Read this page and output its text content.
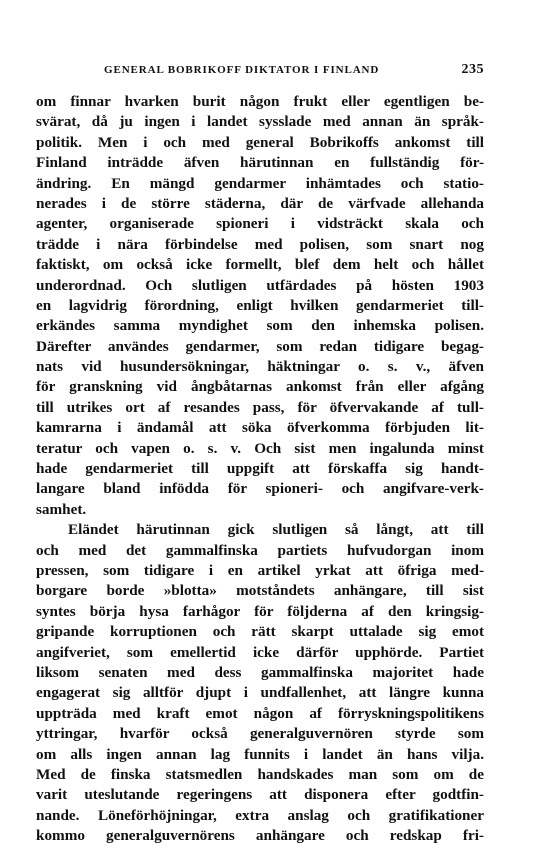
GENERAL BOBRIKOFF DIKTATOR I FINLAND	235
om finnar hvarken burit någon frukt eller egentligen be-
svärat, då ju ingen i landet sysslade med annan än språk-
politik. Men i och med general Bobrikoffs ankomst till
Finland inträdde äfven härutinnan en fullständig för-
ändring. En mängd gendarmer inhämtades och statio-
nerades i de större städerna, där de värfvade allehanda
agenter, organiserade spioneri i vidsträckt skala och
trädde i nära förbindelse med polisen, som snart nog
faktiskt, om också icke formellt, blef dem helt och hållet
underordnad. Och slutligen utfärdades på hösten 1903
en lagvidrig förordning, enligt hvilken gendarmeriet till-
erkändes samma myndighet som den inhemska polisen.
Därefter användes gendarmer, som redan tidigare begag-
nats vid husundersökningar, häktningar o. s. v., äfven
för granskning vid ångbåtarnas ankomst från eller afgång
till utrikes ort af resandes pass, för öfvervakande af tull-
kamrarna i ändamål att söka öfverkomma förbjuden lit-
teratur och vapen o. s. v. Och sist men ingalunda minst
hade gendarmeriet till uppgift att förskaffa sig handt-
langare bland infödda för spioneri- och angifvare-verk-
samhet.
Eländet härutinnan gick slutligen så långt, att till
och med det gammalfinska partiets hufvudorgan inom
pressen, som tidigare i en artikel yrkat att öfriga med-
borgare borde »blotta» motståndets anhängare, till sist
syntes börja hysa farhågor för följderna af den kringsig-
gripande korruptionen och rätt skarpt uttalade sig emot
angifveriet, som emellertid icke därför upphörde. Partiet
liksom senaten med dess gammalfinska majoritet hade
engagerat sig alltför djupt i undfallenhet, att längre kunna
uppträda med kraft emot någon af förryskningspolitikens
yttringar, hvarför också generalguvernören styrde som
om alls ingen annan lag funnits i landet än hans vilja.
Med de finska statsmedlen handskades man som om de
varit uteslutande regeringens att disponera efter godtfin-
nande. Löneförhöjningar, extra anslag och gratifikationer
kommo generalguvernörens anhängare och redskap fri-
